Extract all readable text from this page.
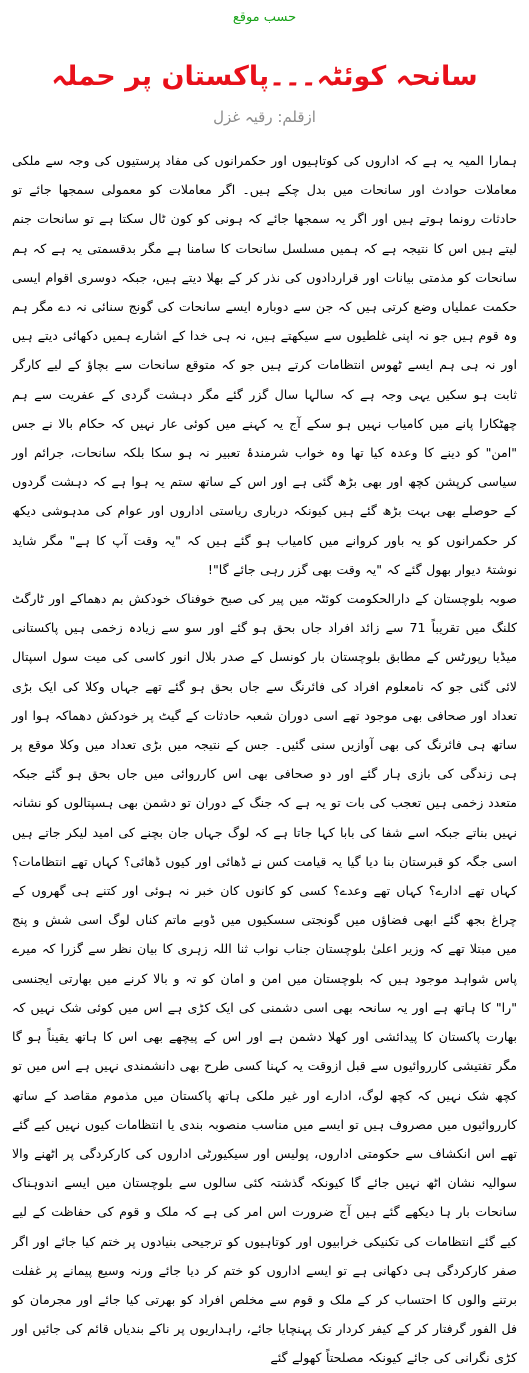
حسب موقع
سانحہ کوئٹہ۔۔۔پاکستان پر حملہ
ازقلم: رقیہ غزل

ہمارا المیہ یہ ہے کہ اداروں کی کوتاہیوں اور حکمرانوں کی مفاد پرستیوں کی وجہ سے ملکی معاملات حوادث اور سانحات میں بدل چکے ہیں۔ اگر معاملات کو معمولی سمجھا جائے تو حادثات رونما ہوتے ہیں اور اگر یہ سمجھا جائے کہ ہونی کو کون ٹال سکتا ہے تو سانحات جنم لیتے ہیں اس کا نتیجہ ہے کہ ہمیں مسلسل سانحات کا سامنا ہے مگر بدقسمتی یہ ہے کہ ہم سانحات کو مذمتی بیانات اور قراردادوں کی نذر کر کے بھلا دیتے ہیں، جبکہ دوسری اقوام ایسی حکمت عملیاں وضع کرتی ہیں کہ جن سے دوبارہ ایسے سانحات کی گونج سنائی نہ دے مگر ہم وہ قوم ہیں جو نہ اپنی غلطیوں سے سیکھتے ہیں، نہ ہی خدا کے اشارے ہمیں دکھائی دیتے ہیں اور نہ ہی ہم ایسے ٹھوس انتظامات کرتے ہیں جو کہ متوقع سانحات سے بچاؤ کے لیے کارگر ثابت ہو سکیں یہی وجہ ہے کہ سالہا سال گزر گئے مگر دہشت گردی کے عفریت سے ہم چھٹکارا پانے میں کامیاب نہیں ہو سکے آج یہ کہنے میں کوئی عار نہیں کہ حکام بالا نے جس "امن" کو دینے کا وعدہ کیا تھا وہ خواب شرمندۂ تعبیر نہ ہو سکا بلکہ سانحات، جرائم اور سیاسی کرپشن کچھ اور بھی بڑھ گئی ہے اور اس کے ساتھ ستم یہ ہوا ہے کہ دہشت گردوں کے حوصلے بھی بہت بڑھ گئے ہیں کیونکہ درباری ریاستی اداروں اور عوام کی مدہوشی دیکھ کر حکمرانوں کو یہ باور کروانے میں کامیاب ہو گئے ہیں کہ "یہ وقت آپ کا ہے" مگر شاید نوشتۂ دیوار بھول گئے کہ "یہ وقت بھی گزر رہی جائے گا"!

صوبہ بلوچستان کے دارالحکومت کوئٹہ میں پیر کی صبح خوفناک خودکش بم دھماکے اور ٹارگٹ کلنگ میں تقریباً 71 سے زائد افراد جاں بحق ہو گئے اور سو سے زیادہ زخمی ہیں پاکستانی میڈیا رپورٹس کے مطابق بلوچستان بار کونسل کے صدر بلال انور کاسی کی میت سول اسپتال لائی گئی جو کہ نامعلوم افراد کی فائرنگ سے جاں بحق ہو گئے تھے جہاں وکلا کی ایک بڑی تعداد اور صحافی بھی موجود تھے اسی دوران شعبہ حادثات کے گیٹ پر خودکش دھماکہ ہوا اور ساتھ ہی فائرنگ کی بھی آوازیں سنی گئیں۔ جس کے نتیجہ میں بڑی تعداد میں وکلا موقع پر ہی زندگی کی بازی ہار گئے اور دو صحافی بھی اس کارروائی میں جاں بحق ہو گئے جبکہ متعدد زخمی ہیں تعجب کی بات تو یہ ہے کہ جنگ کے دوران تو دشمن بھی ہسپتالوں کو نشانہ نہیں بناتے جبکہ اسے شفا کی بابا کہا جاتا ہے کہ لوگ جہاں جان بچنے کی امید لیکر جاتے ہیں اسی جگہ کو قبرستان بنا دیا گیا یہ قیامت کس نے ڈھائی اور کیوں ڈھائی؟ کہاں تھے انتظامات؟ کہاں تھے ادارے؟ کہاں تھے وعدے؟ کسی کو کانوں کان خبر نہ ہوئی اور کتنے ہی گھروں کے چراغ بجھ گئے ابھی فضاؤں میں گونجتی سسکیوں میں ڈوبے ماتم کناں لوگ اسی شش و پنج میں مبتلا تھے کہ وزیر اعلیٰ بلوچستان جناب نواب ثنا اللہ زہری کا بیان نظر سے گزرا کہ میرے پاس شواہد موجود ہیں کہ بلوچستان میں امن و امان کو تہ و بالا کرنے میں بھارتی ایجنسی "را" کا ہاتھ ہے اور یہ سانحہ بھی اسی دشمنی کی ایک کڑی ہے اس میں کوئی شک نہیں کہ بھارت پاکستان کا پیدائشی اور کھلا دشمن ہے اور اس کے پیچھے بھی اس کا ہاتھ یقیناً ہو گا مگر تفتیشی کارروائیوں سے قبل ازوقت یہ کہنا کسی طرح بھی دانشمندی نہیں ہے اس میں تو کچھ شک نہیں کہ کچھ لوگ، ادارے اور غیر ملکی ہاتھ پاکستان میں مذموم مقاصد کے ساتھ کارروائیوں میں مصروف ہیں تو ایسے میں مناسب منصوبہ بندی یا انتظامات کیوں نہیں کیے گئے تھے اس انکشاف سے حکومتی اداروں، پولیس اور سیکیورٹی اداروں کی کارکردگی پر اٹھنے والا سوالیہ نشان اٹھ نہیں جائے گا کیونکہ گذشتہ کئی سالوں سے بلوچستان میں ایسے اندوہناک سانحات بار ہا دیکھے گئے ہیں آج ضرورت اس امر کی ہے کہ ملک و قوم کی حفاظت کے لیے کیے گئے انتظامات کی تکنیکی خرابیوں اور کوتاہیوں کو ترجیحی بنیادوں پر ختم کیا جائے اور اگر صفر کارکردگی ہی دکھانی ہے تو ایسے اداروں کو ختم کر دیا جائے ورنہ وسیع پیمانے پر غفلت برتنے والوں کا احتساب کر کے ملک و قوم سے مخلص افراد کو بھرتی کیا جائے اور مجرمان کو فل الفور گرفتار کر کے کیفر کردار تک پہنچایا جائے، راہداریوں پر ناکے بندیاں قائم کی جائیں اور کڑی نگرانی کی جائے کیونکہ مصلحتاً کھولے گئے
